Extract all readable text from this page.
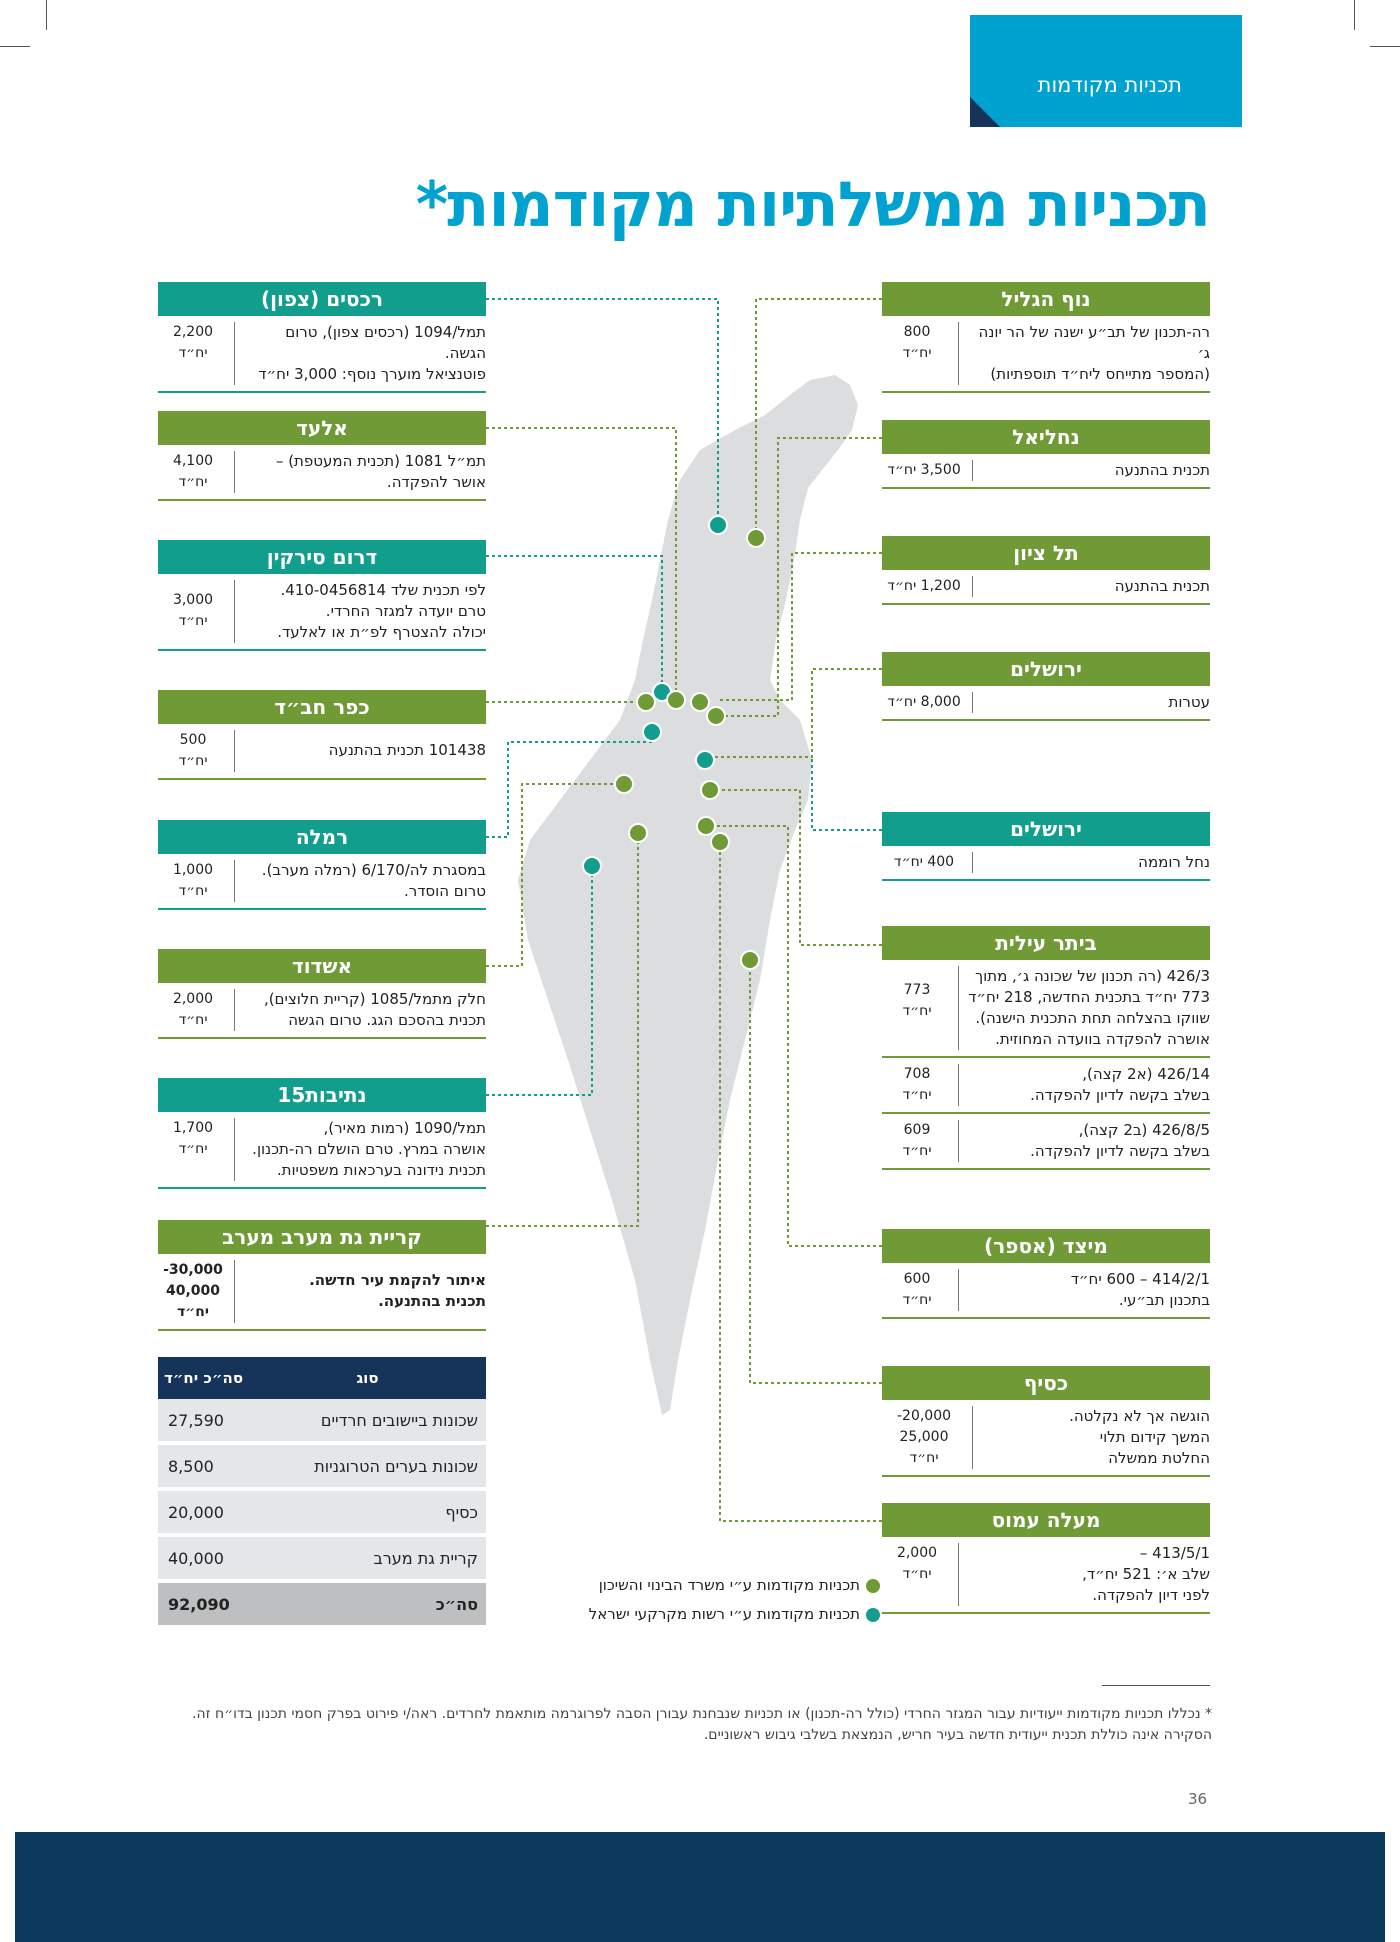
תכניות מקודמות
תכניות ממשלתיות מקודמות*
רכסים (צפון)
תמל/1094 (רכסים צפון), טרום הגשה.
פוטנציאל מוערך נוסף: 3,000 יח״ד
2,200
יח״ד
אלעד
תמ״ל 1081 (תכנית המעטפת) –
אושר להפקדה.
4,100
יח״ד
דרום סירקין
לפי תכנית שלד 410-0456814.
טרם יועדה למגזר החרדי.
יכולה להצטרף לפ״ת או לאלעד.
3,000
יח״ד
כפר חב״ד
101438 תכנית בהתנעה
500
יח״ד
רמלה
במסגרת לה/6/170 (רמלה מערב).
טרום הוסדר.
1,000
יח״ד
אשדוד
חלק מתמל/1085 (קריית חלוצים),
תכנית בהסכם הגג. טרום הגשה
2,000
יח״ד
נתיבות15
תמל/1090 (רמות מאיר),
אושרה במרץ. טרם הושלם רה-תכנון.
תכנית נידונה בערכאות משפטיות.
1,700
יח״ד
קריית גת מערב מערב
איתור להקמת עיר חדשה.
תכנית בהתנעה.
30,000-
40,000
יח״ד
נוף הגליל
רה-תכנון של תב״ע ישנה של הר יונה ג׳
(המספר מתייחס ליח״ד תוספתיות)
800
יח״ד
נחליאל
תכנית בהתנעה
3,500 יח״ד
תל ציון
תכנית בהתנעה
1,200 יח״ד
ירושלים
עטרות
8,000 יח״ד
ירושלים
נחל רוממה
400 יח״ד
ביתר עילית
426/3 (רה תכנון של שכונה ג׳, מתוך
773 יח״ד בתכנית החדשה, 218 יח״ד
שווקו בהצלחה תחת התכנית הישנה).
אושרה להפקדה בוועדה המחוזית.
773
יח״ד
426/14 (א2 קצה),
בשלב בקשה לדיון להפקדה.
708
יח״ד
426/8/5 (ב2 קצה),
בשלב בקשה לדיון להפקדה.
609
יח״ד
מיצד (אספר)
414/2/1 – 600 יח״ד
בתכנון תב״עי.
600
יח״ד
כסיף
הוגשה אך לא נקלטה.
המשך קידום תלוי
החלטת ממשלה
20,000-
25,000
יח״ד
מעלה עמוס
413/5/1 –
שלב א׳: 521 יח״ד,
לפני דיון להפקדה.
2,000
יח״ד
סוג	סה״כ יח״ד
שכונות ביישובים חרדיים	27,590
שכונות בערים הטרוגניות	8,500
כסיף	20,000
קריית גת מערב	40,000
סה״כ	92,090
תכניות מקודמות ע״י משרד הבינוי והשיכון
תכניות מקודמות ע״י רשות מקרקעי ישראל
* נכללו תכניות מקודמות ייעודיות עבור המגזר החרדי (כולל רה-תכנון) או תכניות שנבחנת עבורן הסבה לפרוגרמה מותאמת לחרדים. ראה/י פירוט בפרק חסמי תכנון בדו״ח זה. הסקירה אינה כוללת תכנית ייעודית חדשה בעיר חריש, הנמצאת בשלבי גיבוש ראשוניים.
36
